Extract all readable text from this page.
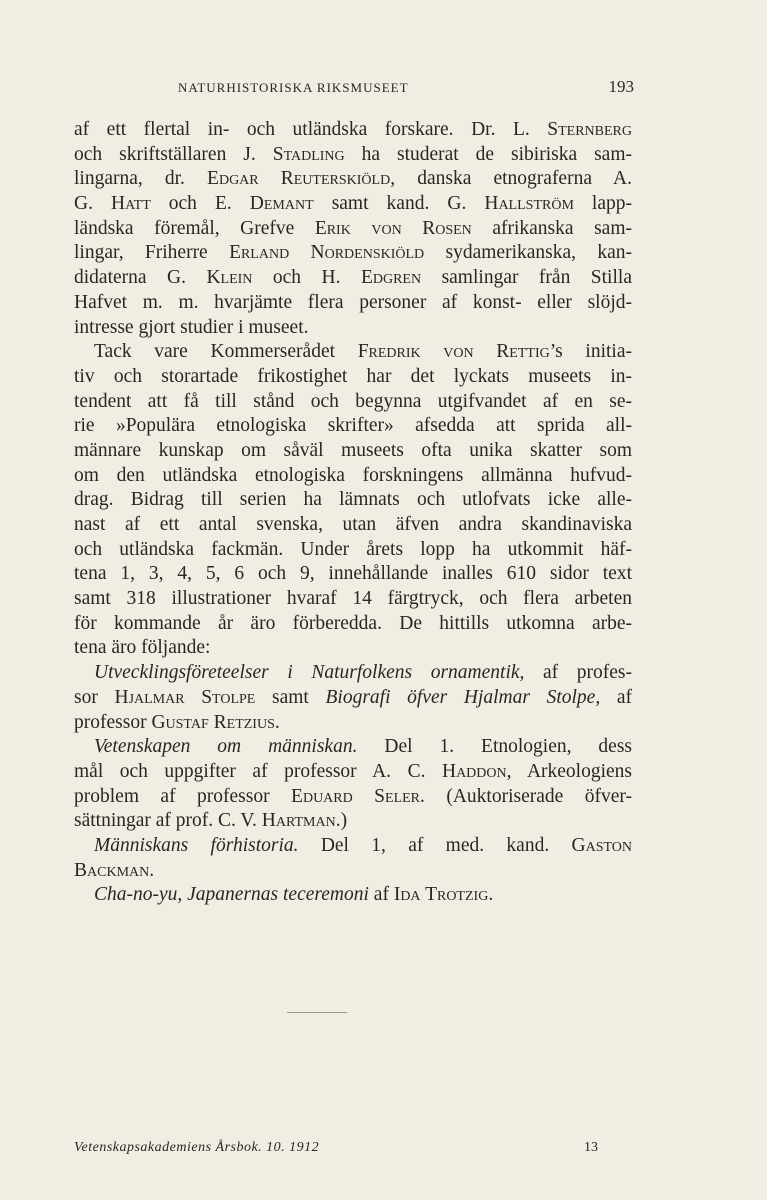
NATURHISTORISKA RIKSMUSEET	193
af ett flertal in- och utländska forskare. Dr. L. Sternberg
och skriftställaren J. Stadling ha studerat de sibiriska sam-
lingarna, dr. Edgar Reuterskiöld, danska etnograferna A.
G. Hatt och E. Demant samt kand. G. Hallström lapp-
ländska föremål, Grefve Erik von Rosen afrikanska sam-
lingar, Friherre Erland Nordenskiöld sydamerikanska, kan-
didaterna G. Klein och H. Edgren samlingar från Stilla
Hafvet m. m. hvarjämte flera personer af konst- eller slöjd-
intresse gjort studier i museet.
Tack vare Kommerserådet Fredrik von Rettig’s initia-
tiv och storartade frikostighet har det lyckats museets in-
tendent att få till stånd och begynna utgifvandet af en se-
rie »Populära etnologiska skrifter» afsedda att sprida all-
männare kunskap om såväl museets ofta unika skatter som
om den utländska etnologiska forskningens allmänna hufvud-
drag. Bidrag till serien ha lämnats och utlofvats icke alle-
nast af ett antal svenska, utan äfven andra skandinaviska
och utländska fackmän. Under årets lopp ha utkommit häf-
tena 1, 3, 4, 5, 6 och 9, innehållande inalles 610 sidor text
samt 318 illustrationer hvaraf 14 färgtryck, och flera arbeten
för kommande år äro förberedda. De hittills utkomna arbe-
tena äro följande:
Utvecklingsföreteelser i Naturfolkens ornamentik, af profes-
sor Hjalmar Stolpe samt Biografi öfver Hjalmar Stolpe, af
professor Gustaf Retzius.
Vetenskapen om människan. Del 1. Etnologien, dess
mål och uppgifter af professor A. C. Haddon, Arkeologiens
problem af professor Eduard Seler. (Auktoriserade öfver-
sättningar af prof. C. V. Hartman.)
Människans förhistoria. Del 1, af med. kand. Gaston
Backman.
Cha-no-yu, Japanernas teceremoni af Ida Trotzig.
Vetenskapsakademiens Årsbok. 10. 1912	13
